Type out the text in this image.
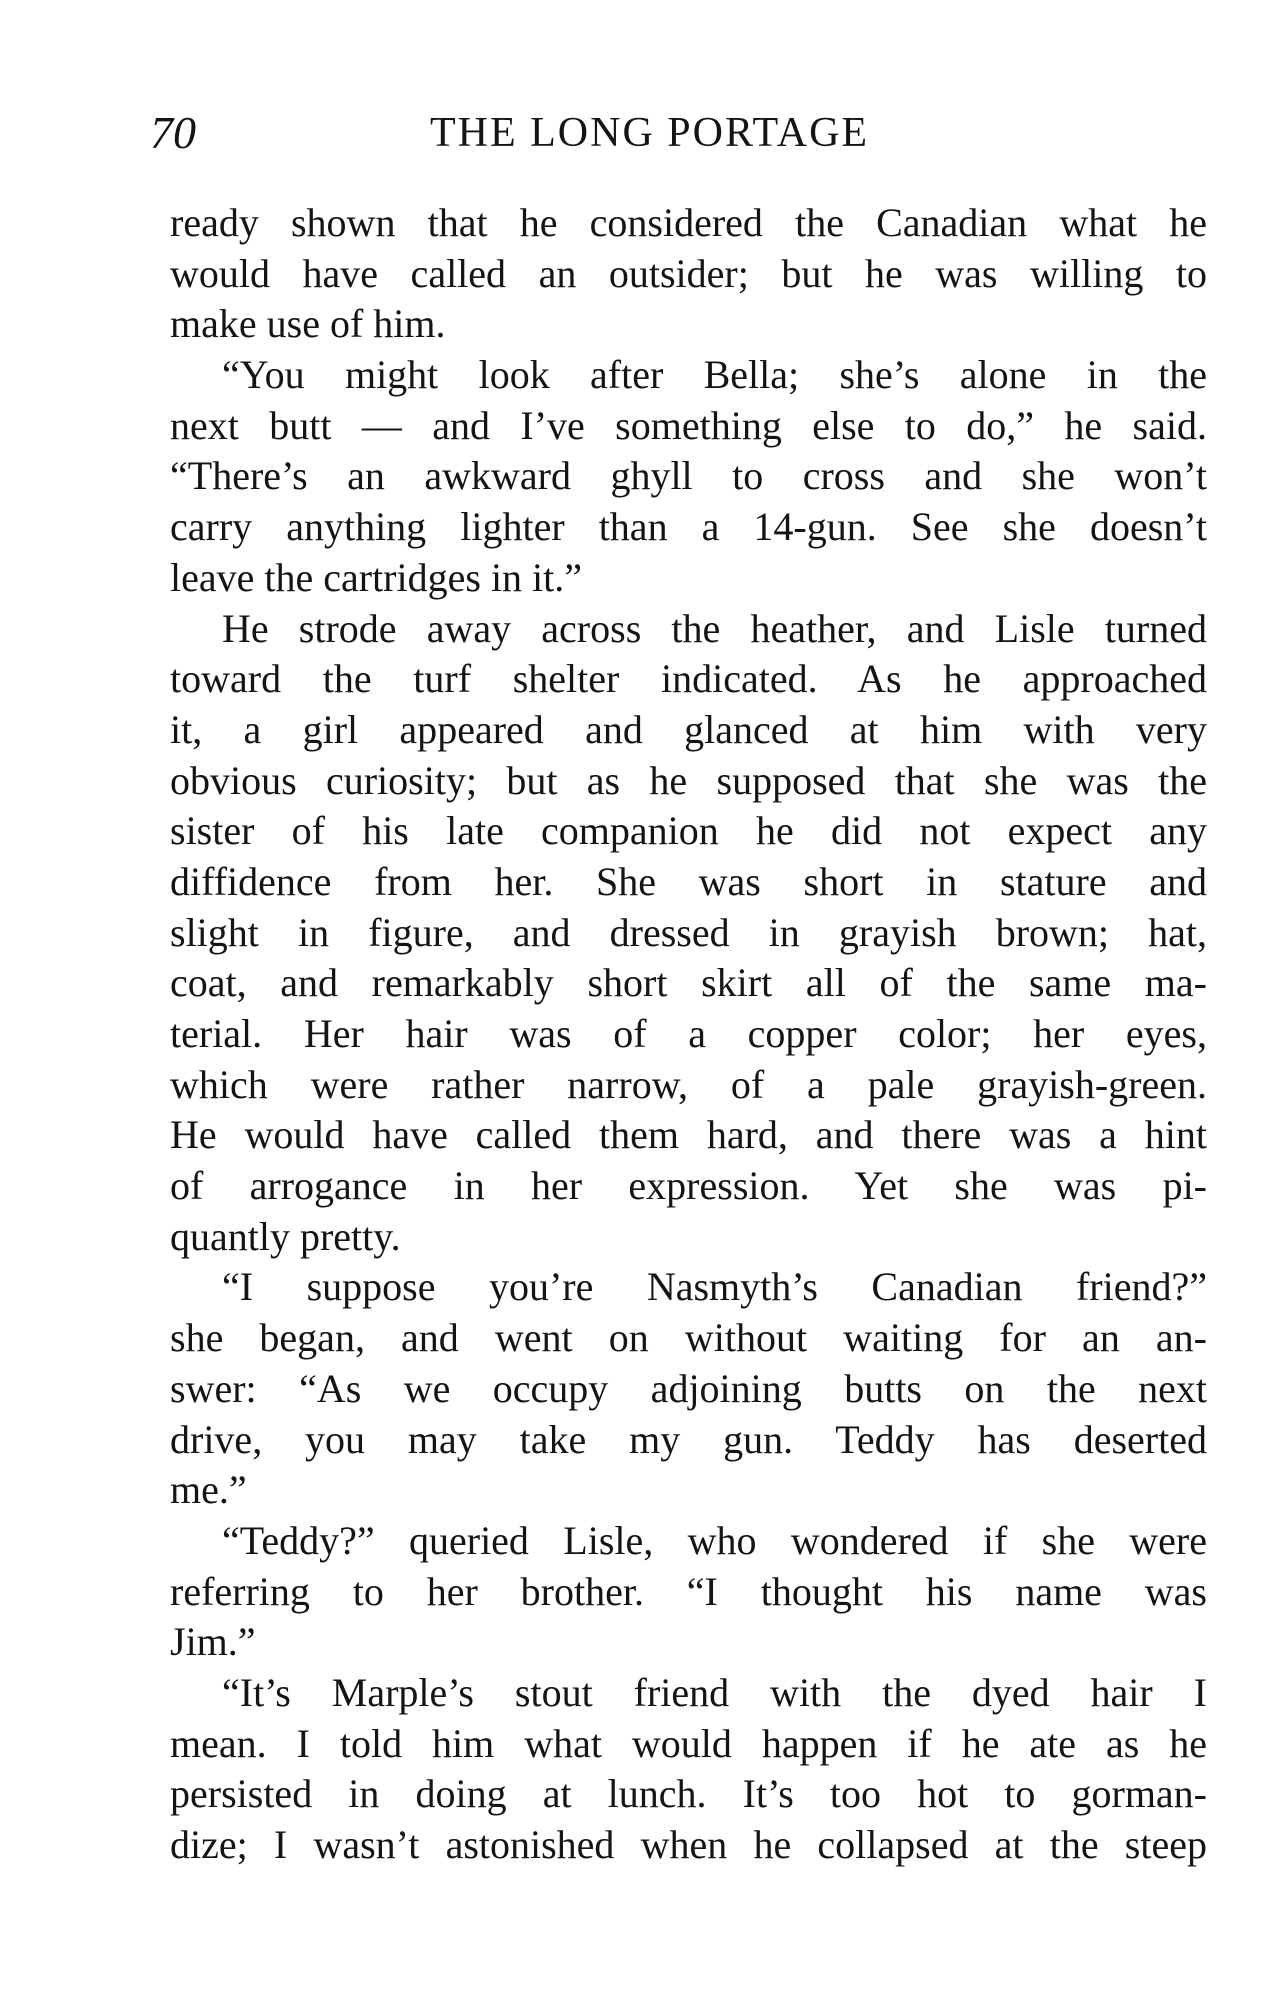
70	THE LONG PORTAGE
ready shown that he considered the Canadian what he
would have called an outsider; but he was willing to
make use of him.
“You might look after Bella; she’s alone in the
next butt — and I’ve something else to do,” he said.
“There’s an awkward ghyll to cross and she won’t
carry anything lighter than a 14-gun. See she doesn’t
leave the cartridges in it.”
He strode away across the heather, and Lisle turned
toward the turf shelter indicated. As he approached
it, a girl appeared and glanced at him with very
obvious curiosity; but as he supposed that she was the
sister of his late companion he did not expect any
diffidence from her. She was short in stature and
slight in figure, and dressed in grayish brown; hat,
coat, and remarkably short skirt all of the same ma-
terial. Her hair was of a copper color; her eyes,
which were rather narrow, of a pale grayish-green.
He would have called them hard, and there was a hint
of arrogance in her expression. Yet she was pi-
quantly pretty.
“I suppose you’re Nasmyth’s Canadian friend?”
she began, and went on without waiting for an an-
swer: “As we occupy adjoining butts on the next
drive, you may take my gun. Teddy has deserted
me.”
“Teddy?” queried Lisle, who wondered if she were
referring to her brother. “I thought his name was
Jim.”
“It’s Marple’s stout friend with the dyed hair I
mean. I told him what would happen if he ate as he
persisted in doing at lunch. It’s too hot to gorman-
dize; I wasn’t astonished when he collapsed at the steep
